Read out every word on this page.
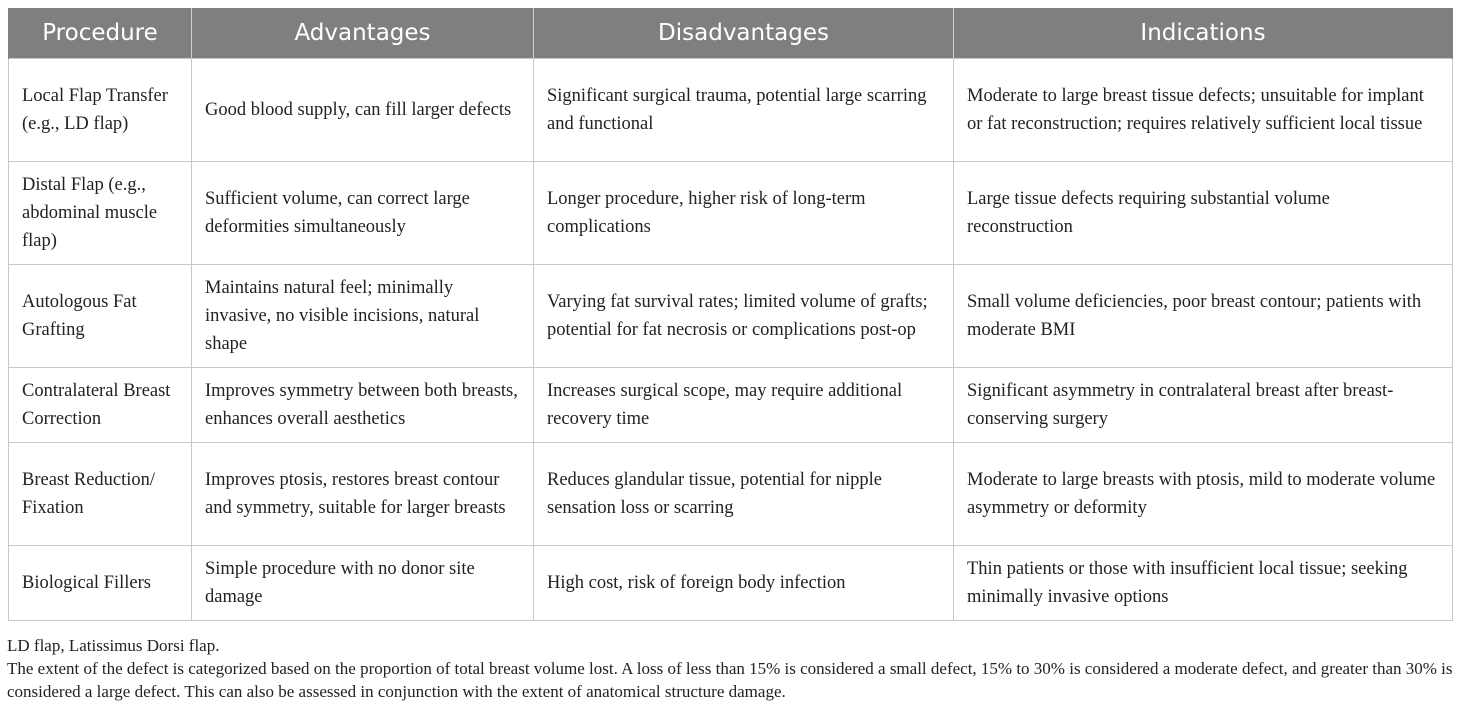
Procedure	Advantages	Disadvantages	Indications
Local Flap Transfer (e.g., LD flap)	Good blood supply, can fill larger defects	Significant surgical trauma, potential large scarring and functional	Moderate to large breast tissue defects; unsuitable for implant or fat reconstruction; requires relatively sufficient local tissue
Distal Flap (e.g., abdominal muscle flap)	Sufficient volume, can correct large deformities simultaneously	Longer procedure, higher risk of long-term complications	Large tissue defects requiring substantial volume reconstruction
Autologous Fat Grafting	Maintains natural feel; minimally invasive, no visible incisions, natural shape	Varying fat survival rates; limited volume of grafts; potential for fat necrosis or complications post-op	Small volume deficiencies, poor breast contour; patients with moderate BMI
Contralateral Breast Correction	Improves symmetry between both breasts, enhances overall aesthetics	Increases surgical scope, may require additional recovery time	Significant asymmetry in contralateral breast after breast-conserving surgery
Breast Reduction/ Fixation	Improves ptosis, restores breast contour and symmetry, suitable for larger breasts	Reduces glandular tissue, potential for nipple sensation loss or scarring	Moderate to large breasts with ptosis, mild to moderate volume asymmetry or deformity
Biological Fillers	Simple procedure with no donor site damage	High cost, risk of foreign body infection	Thin patients or those with insufficient local tissue; seeking minimally invasive options

LD flap, Latissimus Dorsi flap.

The extent of the defect is categorized based on the proportion of total breast volume lost. A loss of less than 15% is considered a small defect, 15% to 30% is considered a moderate defect, and greater than 30% is considered a large defect. This can also be assessed in conjunction with the extent of anatomical structure damage.
